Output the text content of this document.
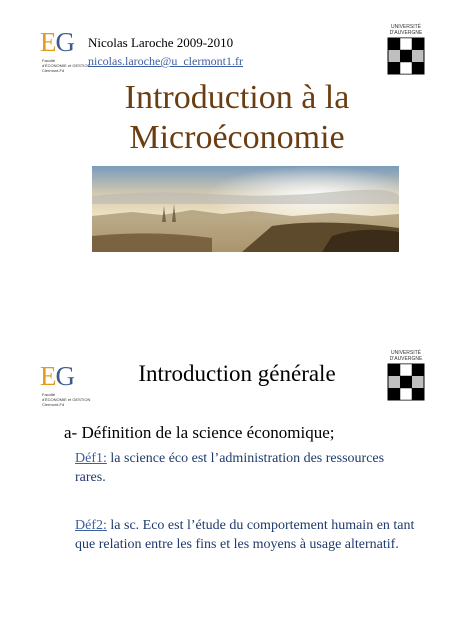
EG
Faculté
d'ÉCONOMIE et GESTION
Clermont-Fd
Nicolas Laroche 2009-2010
nicolas.laroche@u_clermont1.fr
UNIVERSITÉ
D'AUVERGNE
Introduction à la
Microéconomie
EG
Faculté
d'ÉCONOMIE et GESTION
Clermont-Fd
Introduction générale
UNIVERSITÉ
D'AUVERGNE
a- Définition de la science économique;
Déf1: la science éco est l’administration des ressources rares.
Déf2: la sc. Eco est l’étude du comportement humain en tant que relation entre les fins et les moyens à usage alternatif.
